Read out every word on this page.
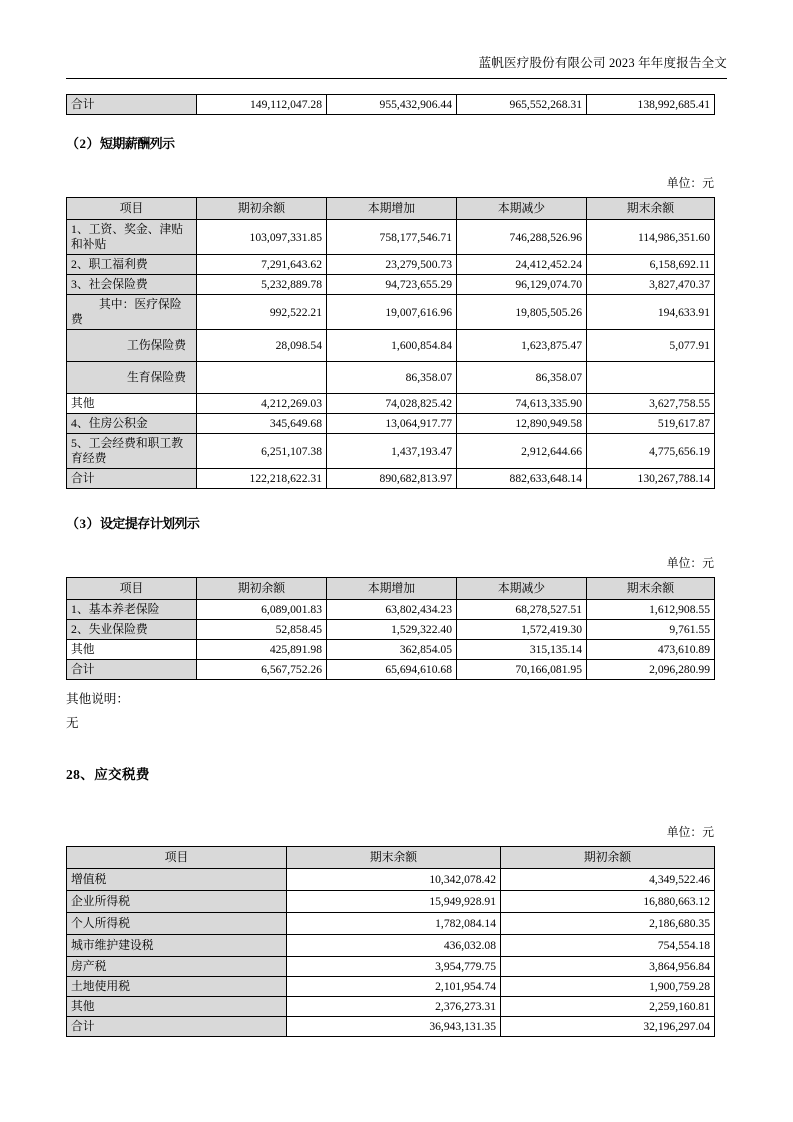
蓝帆医疗股份有限公司 2023 年年度报告全文
合计	149,112,047.28	955,432,906.44	965,552,268.31	138,992,685.41

（2）短期薪酬列示

单位：元

项目	期初余额	本期增加	本期减少	期末余额
1、工资、奖金、津贴和补贴	103,097,331.85	758,177,546.71	746,288,526.96	114,986,351.60
2、职工福利费	7,291,643.62	23,279,500.73	24,412,452.24	6,158,692.11
3、社会保险费	5,232,889.78	94,723,655.29	96,129,074.70	3,827,470.37
其中：医疗保险费	992,522.21	19,007,616.96	19,805,505.26	194,633.91
工伤保险费	28,098.54	1,600,854.84	1,623,875.47	5,077.91
生育保险费		86,358.07	86,358.07	
其他	4,212,269.03	74,028,825.42	74,613,335.90	3,627,758.55
4、住房公积金	345,649.68	13,064,917.77	12,890,949.58	519,617.87
5、工会经费和职工教育经费	6,251,107.38	1,437,193.47	2,912,644.66	4,775,656.19
合计	122,218,622.31	890,682,813.97	882,633,648.14	130,267,788.14

（3）设定提存计划列示

单位：元

项目	期初余额	本期增加	本期减少	期末余额
1、基本养老保险	6,089,001.83	63,802,434.23	68,278,527.51	1,612,908.55
2、失业保险费	52,858.45	1,529,322.40	1,572,419.30	9,761.55
其他	425,891.98	362,854.05	315,135.14	473,610.89
合计	6,567,752.26	65,694,610.68	70,166,081.95	2,096,280.99

其他说明：

无

28、应交税费

单位：元

项目	期末余额	期初余额
增值税	10,342,078.42	4,349,522.46
企业所得税	15,949,928.91	16,880,663.12
个人所得税	1,782,084.14	2,186,680.35
城市维护建设税	436,032.08	754,554.18
房产税	3,954,779.75	3,864,956.84
土地使用税	2,101,954.74	1,900,759.28
其他	2,376,273.31	2,259,160.81
合计	36,943,131.35	32,196,297.04
